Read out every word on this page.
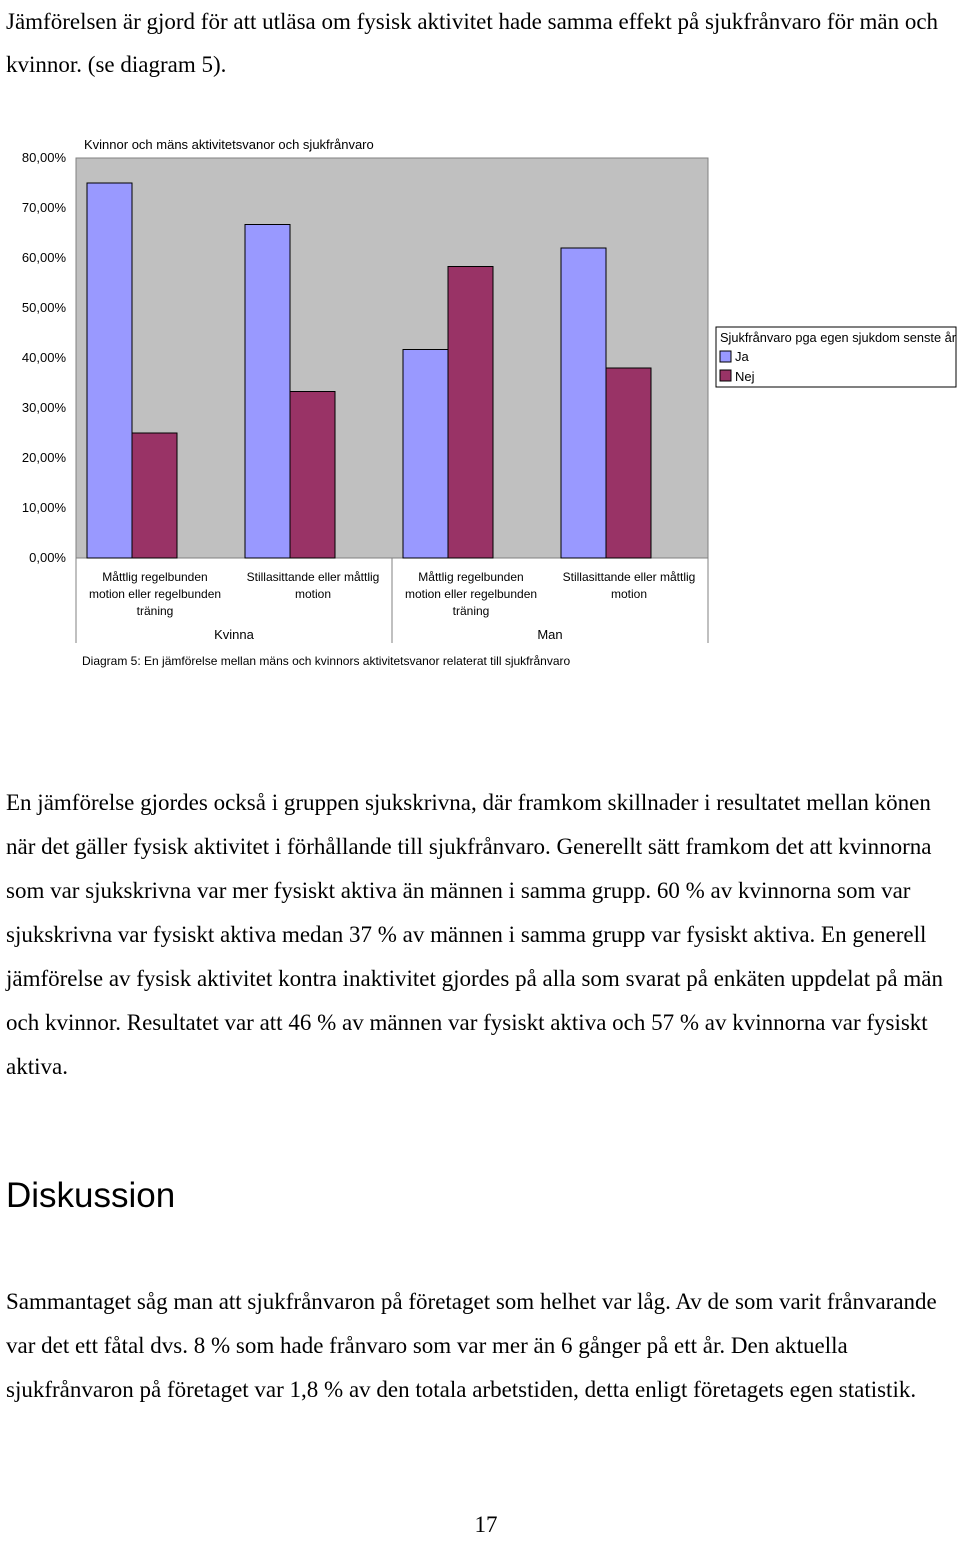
Jämförelsen är gjord för att utläsa om fysisk aktivitet hade samma effekt på sjukfrånvaro för män och kvinnor. (se diagram 5).

Kvinnor och mäns aktivitetsvanor och sjukfrånvaro
0,00%
10,00%
20,00%
30,00%
40,00%
50,00%
60,00%
70,00%
80,00%
Måttlig regelbunden
motion eller regelbunden
träning
Stillasittande eller måttlig
motion
Måttlig regelbunden
motion eller regelbunden
träning
Stillasittande eller måttlig
motion
Kvinna	Man
Diagram 5: En jämförelse mellan mäns och kvinnors aktivitetsvanor relaterat till sjukfrånvaro
Sjukfrånvaro pga egen sjukdom senste år
Ja
Nej

En jämförelse gjordes också i gruppen sjukskrivna, där framkom skillnader i resultatet mellan könen när det gäller fysisk aktivitet i förhållande till sjukfrånvaro. Generellt sätt framkom det att kvinnorna som var sjukskrivna var mer fysiskt aktiva än männen i samma grupp. 60 % av kvinnorna som var sjukskrivna var fysiskt aktiva medan 37 % av männen i samma grupp var fysiskt aktiva. En generell jämförelse av fysisk aktivitet kontra inaktivitet gjordes på alla som svarat på enkäten uppdelat på män och kvinnor. Resultatet var att 46 % av männen var fysiskt aktiva och 57 % av kvinnorna var fysiskt aktiva.

Diskussion

Sammantaget såg man att sjukfrånvaron på företaget som helhet var låg. Av de som varit frånvarande var det ett fåtal dvs. 8 % som hade frånvaro som var mer än 6 gånger på ett år. Den aktuella sjukfrånvaron på företaget var 1,8 % av den totala arbetstiden, detta enligt företagets egen statistik.

17
